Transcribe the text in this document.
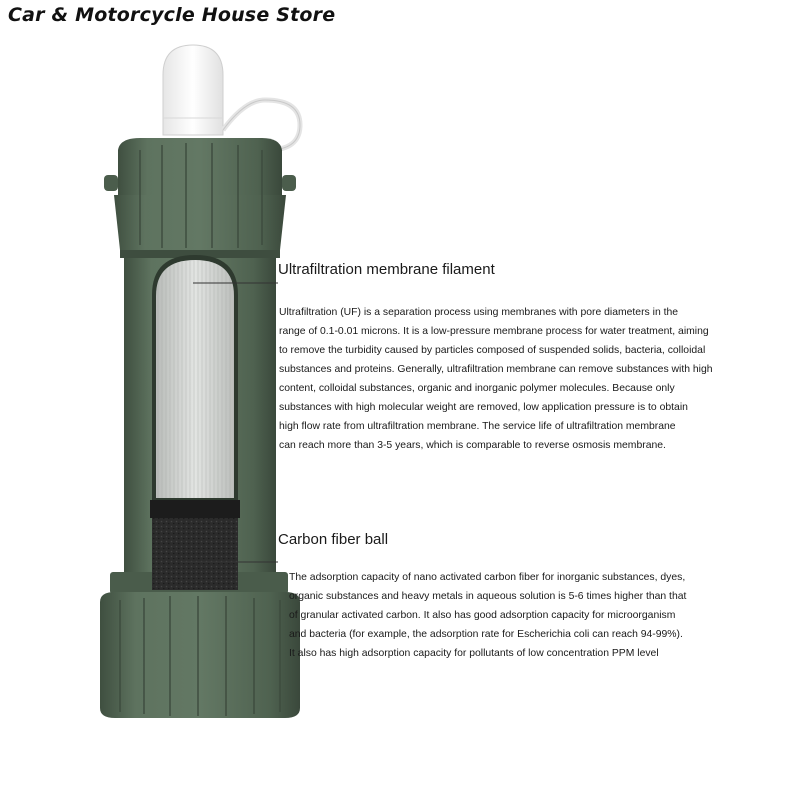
Car & Motorcycle House Store
Ultrafiltration membrane filament
Ultrafiltration (UF) is a separation process using membranes with pore diameters in the
range of 0.1-0.01 microns. It is a low-pressure membrane process for water treatment, aiming
to remove the turbidity caused by particles composed of suspended solids, bacteria, colloidal
substances and proteins. Generally, ultrafiltration membrane can remove substances with high
content, colloidal substances, organic and inorganic polymer molecules. Because only
substances with high molecular weight are removed, low application pressure is to obtain
high flow rate from ultrafiltration membrane. The service life of ultrafiltration membrane
can reach more than 3-5 years, which is comparable to reverse osmosis membrane.
Carbon fiber ball
The adsorption capacity of nano activated carbon fiber for inorganic substances, dyes,
organic substances and heavy metals in aqueous solution is 5-6 times higher than that
of granular activated carbon. It also has good adsorption capacity for microorganism
and bacteria (for example, the adsorption rate for Escherichia coli can reach 94-99%).
It also has high adsorption capacity for pollutants of low concentration PPM level
